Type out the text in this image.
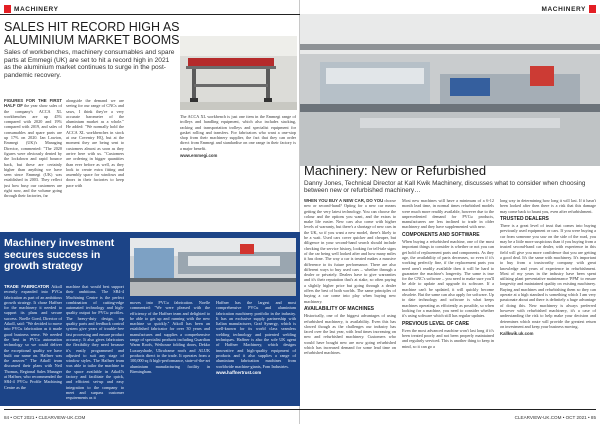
MACHINERY
SALES HIT RECORD HIGH AS ALUMINIUM MARKET BOOMS

Sales of workbenches, machinery consumables and spare parts at Emmegi (UK) are set to hit a record high in 2021 as the aluminium market continues to surge in the post-pandemic recovery.

FIGURES FOR THE FIRST HALF OF the year show sales of the company's ACCA XL workbenches are up 45% compared with 2020 and 19% compared with 2019, and sales of consumables and spare parts are up 17% on 2020. Ian Lawton, Emmegi (UK)'s Managing Director, commented: "The 2020 figures were obviously dented by the lockdown and rapid bounce back, but these are certainly higher than anything we have seen since Emmegi (UK) was established in 2003. They reflect just how busy our customers are right now, and the volume going through their factories, far
alongside the demand we are seeing for our range of CNCs and saws, I think they're a very accurate barometer of the aluminium market as a whole." He added: "We normally hold the ACCA XL workbenches in stock at our Coventry HQ, but at the moment they are being sent to customers almost as soon as they arrive here with us. "Customers are ordering in bigger quantities than ever before as well, as they look to create extra fitting and assembly space for windows and doors in their factories to keep pace with

The ACCA XL workbench is just one item in the Emmegi range of trolleys and handling equipment, which also includes stacking, racking and transportation trolleys and specialist equipment for gasket rolling and transfers. For fabricators who want a one-stop shop from their machinery supplier, the fact that they can order direct from Emmegi and standardise on one range in their factory is a major benefit.

www.emmegi.com

Machinery investment secures success in growth strategy
TRADE FABRICATOR Atkoll recently expanded into PVCu fabrication as part of an ambitious growth strategy. It chose Haffner for the machinery it needed to support its plans and secure success. Noelle Goed, Director of Atkoll, said: "We decided to move into PVCu fabrication as it made good business sense. We needed the best in PVCu automation technology so we could deliver the exceptional quality we have built our name on. Haffner was the answer." The Atkoll team discussed their plans with Neil Thomas, Regional Sales Manager at Haffner, who recommended the SB4-4 PVCu Profile Machining Centre as the
machine that would best support their ambitions. The SB4-4 Machining Centre is the perfect combination of cutting-edge automated technology and high-quality output for PVCu profiles. The heavy-duty design, top quality parts and feedback control system give years of trouble-free fast processing and ensure product accuracy. It also gives fabricators the flexibility they need because it's easily programmed and adjusted to suit any stage of window styles. The Haffner team was able to tailor the machine to the space available in Atkoll's factory and facilitate the quick, and efficient set-up and easy integration to the company to meet and surpass customer requirements as it
moves into PVCu fabrication. Noelle commented: "We were pleased with the efficiency of the Haffner team and delighted to be able to get up and running with the new machine so quickly." Atkoll has been an established fabricator for over 30 years and manufactures and supplies a comprehensive range of specialist products including Guardian Warm Roofs, Wethouse folding doors, Dekko Luxuryshade, Ultraframe roofs and ALUK products direct to the trade. It operates from a 100,000 sq ft high-performance, state-of-the-art aluminium manufacturing facility in Birmingham.

Haffner has the largest and most comprehensive PVCu and aluminium fabrication machinery portfolio in the industry. It has an exclusive supply partnership with Italian manufacturer, Graf Synergy, which is well-known for its world class seamless welding technology and patented welding techniques. Haffner is also the sole UK agent of Haffner Machinery, which designs innovative and high-quality equipment of products and it also supplies a range of aluminium fabrication machines from worldwide machine-giants, Fom Industries.

www.haffnertrust.com

84 • OCT 2021 • CLEARVIEW-UK.COM
MACHINERY
Machinery: New or Refurbished

Danny Jones, Technical Director at Kall Kwik Machinery, discusses what to consider when choosing between new or refurbished machinery…

WHEN YOU BUY A NEW CAR, DO YOU choose new or second-hand? Opting for a new car means getting the very latest technology. You can choose the colour and the options you want, and the extras to make life easier. New cars also come with higher levels of warranty, but there's a shortage of new cars in the UK, so if you want a new model, there's likely to be a wait. Used cars cover quicker and cheaper, but diligence in your second-hand search should include checking the service history, looking for tell-tale signs of the car being well looked after and how many miles it has done. The way a car is treated makes a massive difference to its future performance. There are also different ways to buy used cars – whether through a dealer or privately. Dealers have to give warranties and it's their reputation that's at stake, so often paying a slightly higher price but going through a dealer offers the best of both worlds. The same principles of buying a car come into play when buying new machinery.

AVAILABILITY OF MACHINES

Historically, one of the biggest advantages of using refurbished machinery, is availability. Even this has slowed though as the challenges our industry has faced over the last year, with lead times increasing on new and refurbished machinery. Customers who would have bought new are now going refurbished which has increased demand for some lead time on refurbished machines.

Most new machines will have a minimum of a 6-12 month lead time, in normal times refurbished models were much more readily available, however due to the unprecedented demand for PVCu products, manufacturers are less inclined to trade in older machinery and they have supplemented with new.

COMPONENTS AND SOFTWARE

When buying a refurbished machine, one of the most important things to consider is whether or not you can get hold of replacement parts and components. As they age, the availability of parts decreases, so even if it's working perfectly fine, if the replacement parts you need aren't readily available then it will be hard to guarantee the machine's longevity. The same is true for the CNC's software – you need to make sure you'll be able to update and upgrade its software. If a machine can't be updated, it will quickly become obsolete. But the same can also apply for software. Up to date technology and software is what keeps machines operating as efficiently as possible, so when looking for a machine, you need to consider whether it's using software which still has regular updates.

PREVIOUS LEVEL OF CARE

Even the most advanced machine won't last long if it's been treated poorly and not been properly maintained and regularly serviced. This is another thing to keep in mind, so it can go a

long way in determining how long it will last. If it hasn't been looked after then there is a risk that this damage may come back to haunt you, even after refurbishment.

TRUSTED DEALERS

There is a great level of trust that comes into buying previously used equipment or cars. If you were buying a car from someone you saw on the side of the road, you may be a little more suspicious than if you buying from a trusted second-hand car dealer, with experience in this field will give you more confidence that you are getting a good deal. It's the same with machinery. It's important to buy from a trustworthy company with great knowledge and years of experience in refurbishment. Most of my years in the industry have been spent utilising plant preventative maintenance 'PPM' to ensure longevity and maintained quality on existing machinery. Buying and machines and refurbishing them so they can operate at a high standard is something which I am very passionate about and there is definitely a huge advantage of doing this. New machinery is always preferred however with refurbished machinery, it's a case of understanding the risk to help make your decision and determines which route will provide the greatest return on investment and keep your business moving.

Kallkwik.uk.com

CLEARVIEW-UK.COM • OCT 2021 • 85
